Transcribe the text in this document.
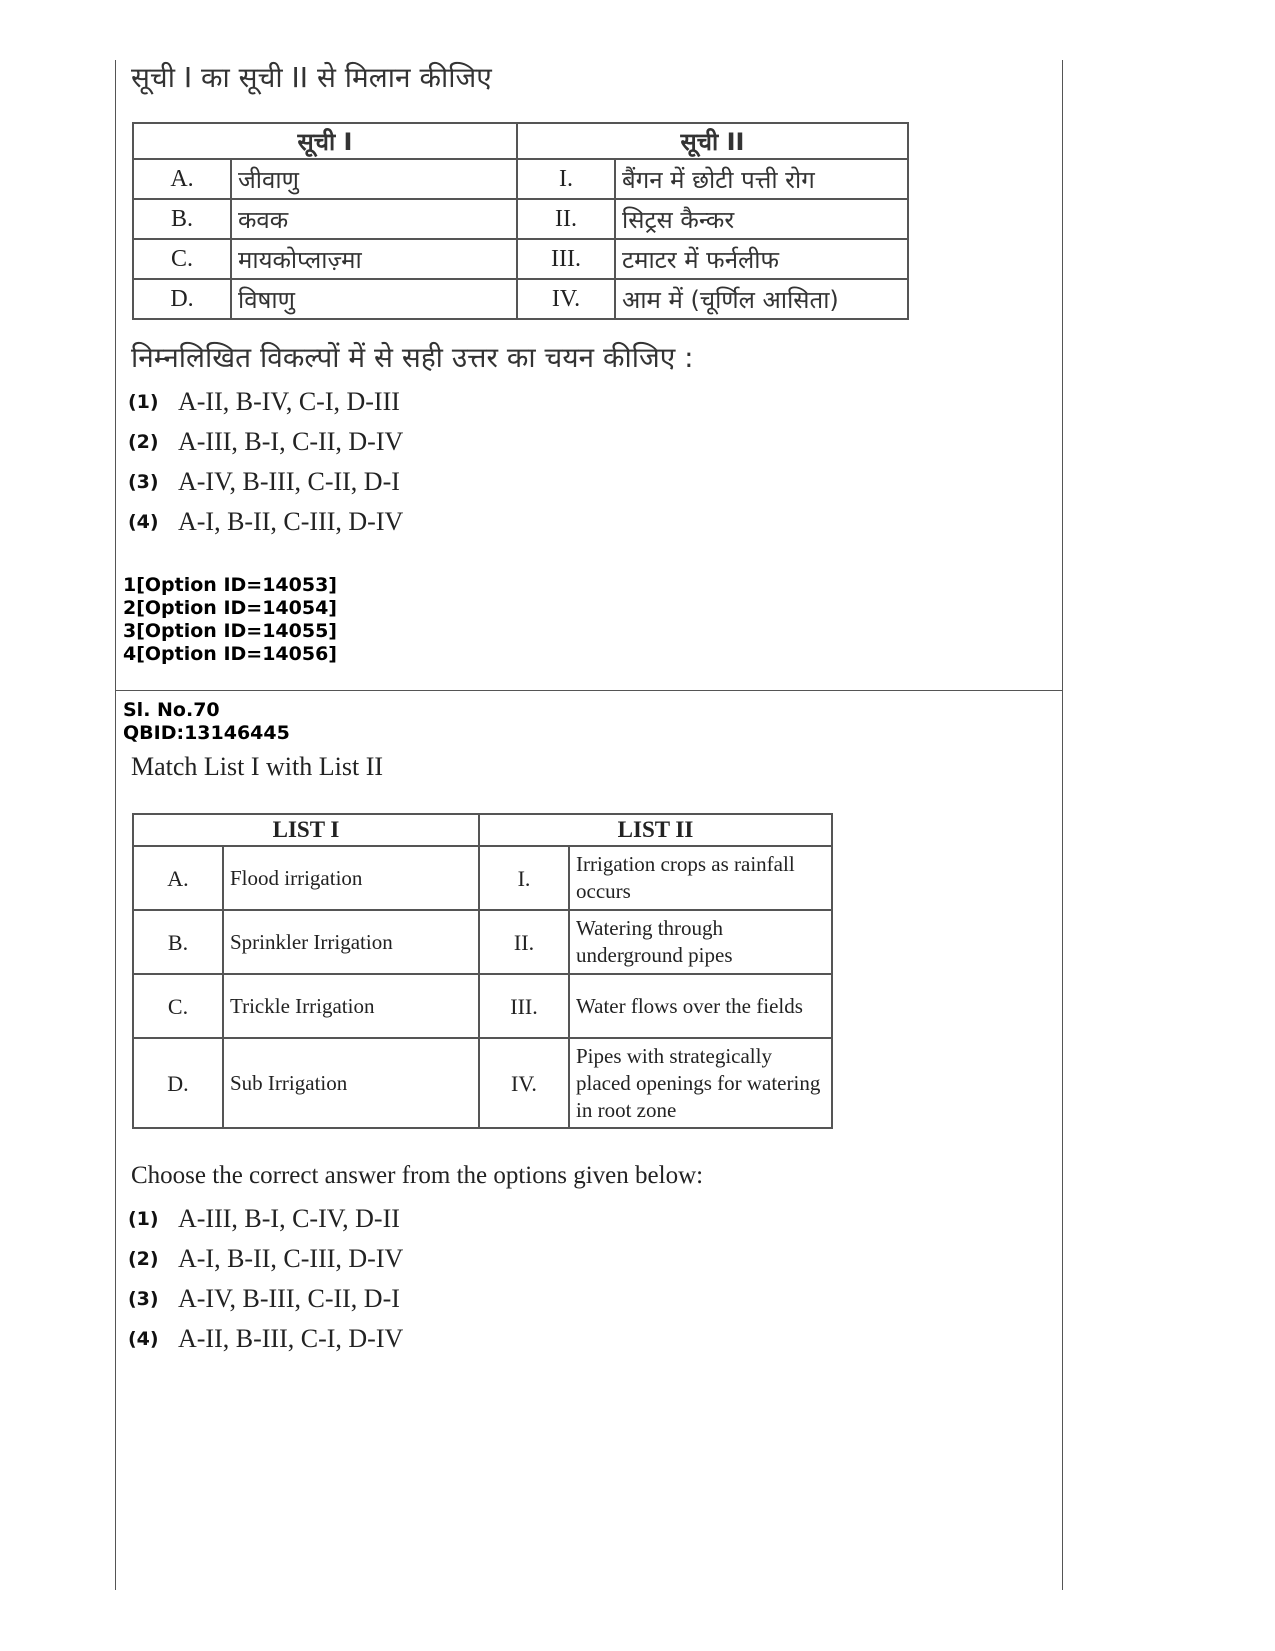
सूची I का सूची II से मिलान कीजिए

सूची I		सूची II	
A.	जीवाणु	I.	बैंगन में छोटी पत्ती रोग
B.	कवक	II.	सिट्रस कैन्कर
C.	मायकोप्लाज़्मा	III.	टमाटर में फर्नलीफ
D.	विषाणु	IV.	आम में (चूर्णिल आसिता)

निम्नलिखित विकल्पों में से सही उत्तर का चयन कीजिए :

(1) A-II, B-IV, C-I, D-III
(2) A-III, B-I, C-II, D-IV
(3) A-IV, B-III, C-II, D-I
(4) A-I, B-II, C-III, D-IV
1[Option ID=14053]
2[Option ID=14054]
3[Option ID=14055]
4[Option ID=14056]
Sl. No.70
QBID:13146445

Match List I with List II

LIST I		LIST II	
A.	Flood irrigation	I.	Irrigation crops as rainfall occurs
B.	Sprinkler Irrigation	II.	Watering through underground pipes
C.	Trickle Irrigation	III.	Water flows over the fields
D.	Sub Irrigation	IV.	Pipes with strategically placed openings for watering in root zone

Choose the correct answer from the options given below:

(1) A-III, B-I, C-IV, D-II
(2) A-I, B-II, C-III, D-IV
(3) A-IV, B-III, C-II, D-I
(4) A-II, B-III, C-I, D-IV
